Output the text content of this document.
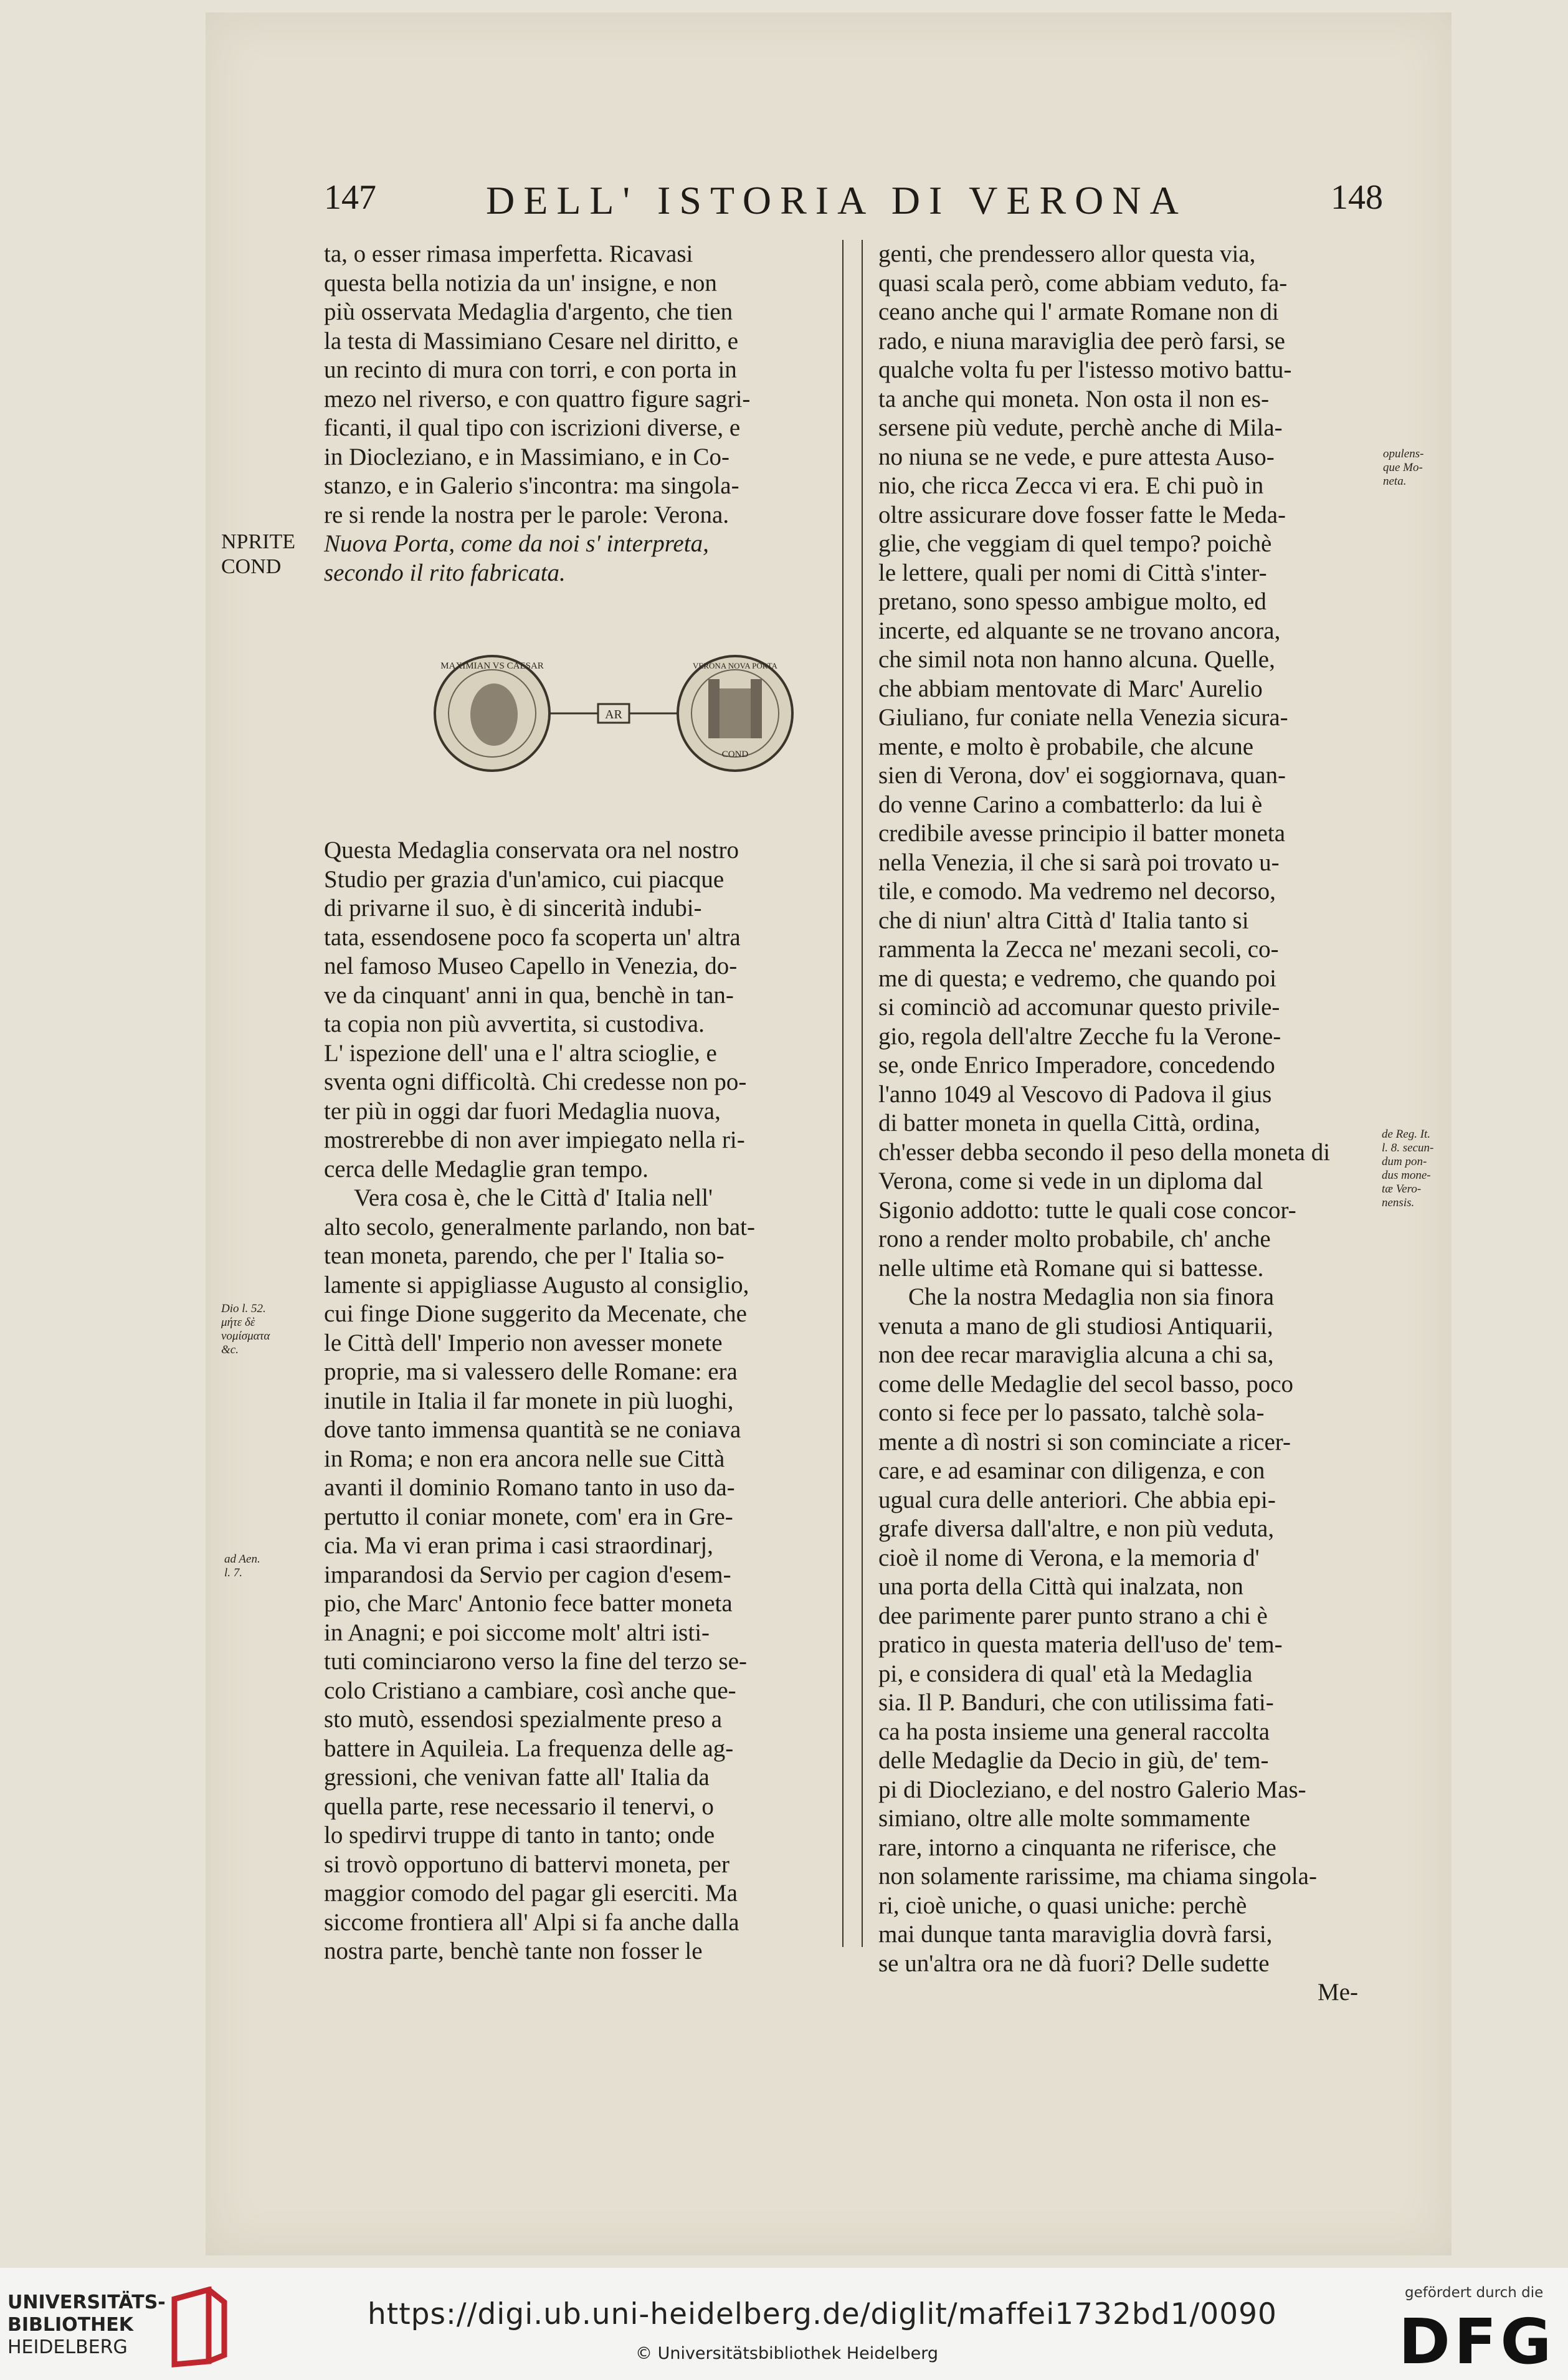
147	DELL' ISTORIA DI VERONA	148
NPRITE
COND

ta, o esser rimasa imperfetta. Ricavasi

questa bella notizia da un' insigne, e non

più osservata Medaglia d'argento, che tien

la testa di Massimiano Cesare nel diritto, e

un recinto di mura con torri, e con porta in

mezo nel riverso, e con quattro figure sagri-

ficanti, il qual tipo con iscrizioni diverse, e

in Diocleziano, e in Massimiano, e in Co-

stanzo, e in Galerio s'incontra: ma singola-

re si rende la nostra per le parole: Verona.

Nuova Porta, come da noi s' interpreta,

secondo il rito fabricata.

MAXIMIAN VS CAESAR
AR
VERONA NOVA PORTA
COND

Questa Medaglia conservata ora nel nostro

Studio per grazia d'un'amico, cui piacque

di privarne il suo, è di sincerità indubi-

tata, essendosene poco fa scoperta un' altra

nel famoso Museo Capello in Venezia, do-

ve da cinquant' anni in qua, benchè in tan-

ta copia non più avvertita, si custodiva.

L' ispezione dell' una e l' altra scioglie, e

sventa ogni difficoltà. Chi credesse non po-

ter più in oggi dar fuori Medaglia nuova,

mostrerebbe di non aver impiegato nella ri-

cerca delle Medaglie gran tempo.

Vera cosa è, che le Città d' Italia nell'

alto secolo, generalmente parlando, non bat-

tean moneta, parendo, che per l' Italia so-

lamente si appigliasse Augusto al consiglio,

cui finge Dione suggerito da Mecenate, che

le Città dell' Imperio non avesser monete

proprie, ma si valessero delle Romane: era

inutile in Italia il far monete in più luoghi,

dove tanto immensa quantità se ne coniava

in Roma; e non era ancora nelle sue Città

avanti il dominio Romano tanto in uso da-

pertutto il coniar monete, com' era in Gre-

cia. Ma vi eran prima i casi straordinarj,

imparandosi da Servio per cagion d'esem-

pio, che Marc' Antonio fece batter moneta

in Anagni; e poi siccome molt' altri isti-

tuti cominciarono verso la fine del terzo se-

colo Cristiano a cambiare, così anche que-

sto mutò, essendosi spezialmente preso a

battere in Aquileia. La frequenza delle ag-

gressioni, che venivan fatte all' Italia da

quella parte, rese necessario il tenervi, o

lo spedirvi truppe di tanto in tanto; onde

si trovò opportuno di battervi moneta, per

maggior comodo del pagar gli eserciti. Ma

siccome frontiera all' Alpi si fa anche dalla

nostra parte, benchè tante non fosser le

genti, che prendessero allor questa via,

quasi scala però, come abbiam veduto, fa-

ceano anche qui l' armate Romane non di

rado, e niuna maraviglia dee però farsi, se

qualche volta fu per l'istesso motivo battu-

ta anche qui moneta. Non osta il non es-

sersene più vedute, perchè anche di Mila-

no niuna se ne vede, e pure attesta Auso-

nio, che ricca Zecca vi era. E chi può in

oltre assicurare dove fosser fatte le Meda-

glie, che veggiam di quel tempo? poichè

le lettere, quali per nomi di Città s'inter-

pretano, sono spesso ambigue molto, ed

incerte, ed alquante se ne trovano ancora,

che simil nota non hanno alcuna. Quelle,

che abbiam mentovate di Marc' Aurelio

Giuliano, fur coniate nella Venezia sicura-

mente, e molto è probabile, che alcune

sien di Verona, dov' ei soggiornava, quan-

do venne Carino a combatterlo: da lui è

credibile avesse principio il batter moneta

nella Venezia, il che si sarà poi trovato u-

tile, e comodo. Ma vedremo nel decorso,

che di niun' altra Città d' Italia tanto si

rammenta la Zecca ne' mezani secoli, co-

me di questa; e vedremo, che quando poi

si cominciò ad accomunar questo privile-

gio, regola dell'altre Zecche fu la Verone-

se, onde Enrico Imperadore, concedendo

l'anno 1049 al Vescovo di Padova il gius

di batter moneta in quella Città, ordina,

ch'esser debba secondo il peso della moneta di

Verona, come si vede in un diploma dal

Sigonio addotto: tutte le quali cose concor-

rono a render molto probabile, ch' anche

nelle ultime età Romane qui si battesse.

Che la nostra Medaglia non sia finora

venuta a mano de gli studiosi Antiquarii,

non dee recar maraviglia alcuna a chi sa,

come delle Medaglie del secol basso, poco

conto si fece per lo passato, talchè sola-

mente a dì nostri si son cominciate a ricer-

care, e ad esaminar con diligenza, e con

ugual cura delle anteriori. Che abbia epi-

grafe diversa dall'altre, e non più veduta,

cioè il nome di Verona, e la memoria d'

una porta della Città qui inalzata, non

dee parimente parer punto strano a chi è

pratico in questa materia dell'uso de' tem-

pi, e considera di qual' età la Medaglia

sia. Il P. Banduri, che con utilissima fati-

ca ha posta insieme una general raccolta

delle Medaglie da Decio in giù, de' tem-

pi di Diocleziano, e del nostro Galerio Mas-

simiano, oltre alle molte sommamente

rare, intorno a cinquanta ne riferisce, che

non solamente rarissime, ma chiama singola-

ri, cioè uniche, o quasi uniche: perchè

mai dunque tanta maraviglia dovrà farsi,

se un'altra ora ne dà fuori? Delle sudette

Me-

Dio l. 52.
μήτε δὲ
νομίσματα
&c.
ad Aen.
l. 7.
opulens-
que Mo-
neta.
de Reg. It.
l. 8. secun-
dum pon-
dus mone-
tæ Vero-
nensis.
UNIVERSITÄTS-
BIBLIOTHEK
HEIDELBERG
https://digi.ub.uni-heidelberg.de/diglit/maffei1732bd1/0090
© Universitätsbibliothek Heidelberg
gefördert durch die
DFG
